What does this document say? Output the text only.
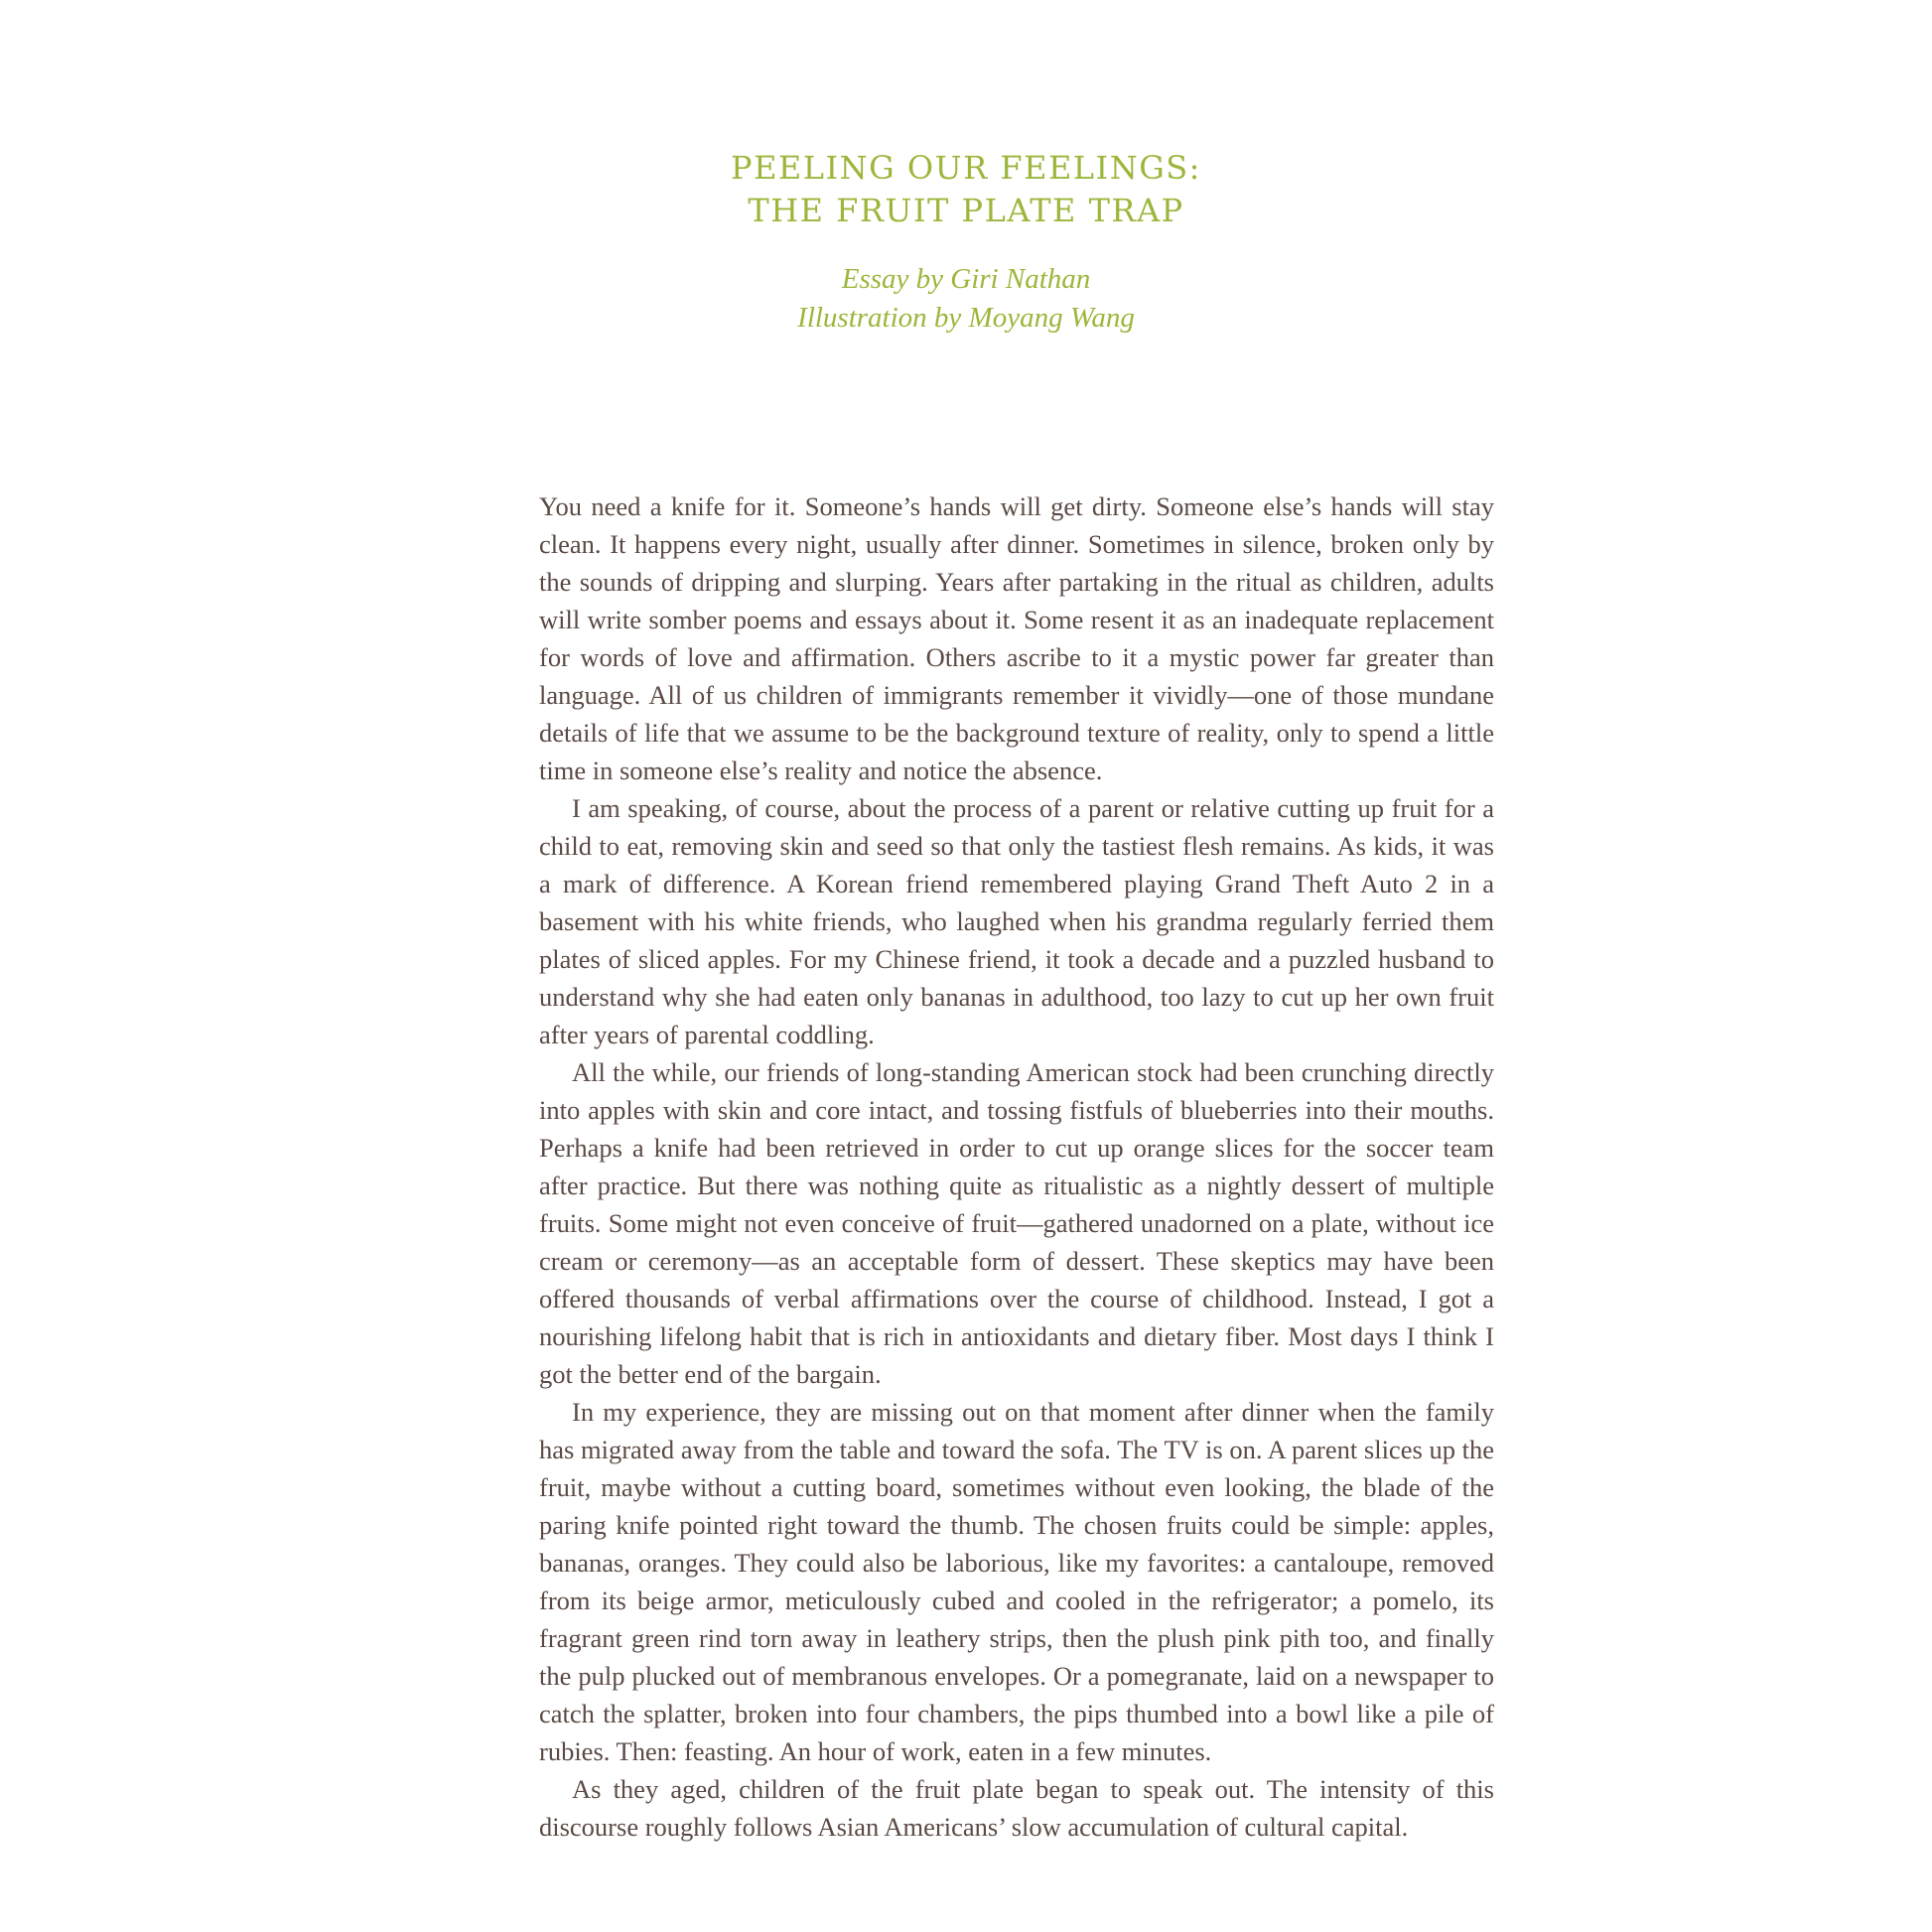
PEELING OUR FEELINGS:

THE FRUIT PLATE TRAP

Essay by Giri Nathan

Illustration by Moyang Wang

You need a knife for it. Someone’s hands will get dirty. Someone else’s hands will stay clean. It happens every night, usually after dinner. Sometimes in silence, broken only by the sounds of dripping and slurping. Years after partaking in the ritual as children, adults will write somber poems and essays about it. Some resent it as an inadequate replacement for words of love and affirmation. Others ascribe to it a mystic power far greater than language. All of us children of immigrants remember it vividly—one of those mundane details of life that we assume to be the background texture of reality, only to spend a little time in someone else’s reality and notice the absence.

I am speaking, of course, about the process of a parent or relative cutting up fruit for a child to eat, removing skin and seed so that only the tastiest flesh remains. As kids, it was a mark of difference. A Korean friend remembered playing Grand Theft Auto 2 in a basement with his white friends, who laughed when his grandma regularly ferried them plates of sliced apples. For my Chinese friend, it took a decade and a puzzled husband to understand why she had eaten only bananas in adulthood, too lazy to cut up her own fruit after years of parental coddling.

All the while, our friends of long-standing American stock had been crunching directly into apples with skin and core intact, and tossing fistfuls of blueberries into their mouths. Perhaps a knife had been retrieved in order to cut up orange slices for the soccer team after practice. But there was nothing quite as ritualistic as a nightly dessert of multiple fruits. Some might not even conceive of fruit—gathered unadorned on a plate, without ice cream or ceremony—as an acceptable form of dessert. These skeptics may have been offered thousands of verbal affirmations over the course of childhood. Instead, I got a nourishing lifelong habit that is rich in antioxidants and dietary fiber. Most days I think I got the better end of the bargain.

In my experience, they are missing out on that moment after dinner when the family has migrated away from the table and toward the sofa. The TV is on. A parent slices up the fruit, maybe without a cutting board, sometimes without even looking, the blade of the paring knife pointed right toward the thumb. The chosen fruits could be simple: apples, bananas, oranges. They could also be laborious, like my favorites: a cantaloupe, removed from its beige armor, meticulously cubed and cooled in the refrigerator; a pomelo, its fragrant green rind torn away in leathery strips, then the plush pink pith too, and finally the pulp plucked out of membranous envelopes. Or a pomegranate, laid on a newspaper to catch the splatter, broken into four chambers, the pips thumbed into a bowl like a pile of rubies. Then: feasting. An hour of work, eaten in a few minutes.

As they aged, children of the fruit plate began to speak out. The intensity of this discourse roughly follows Asian Americans’ slow accumulation of cultural capital.
